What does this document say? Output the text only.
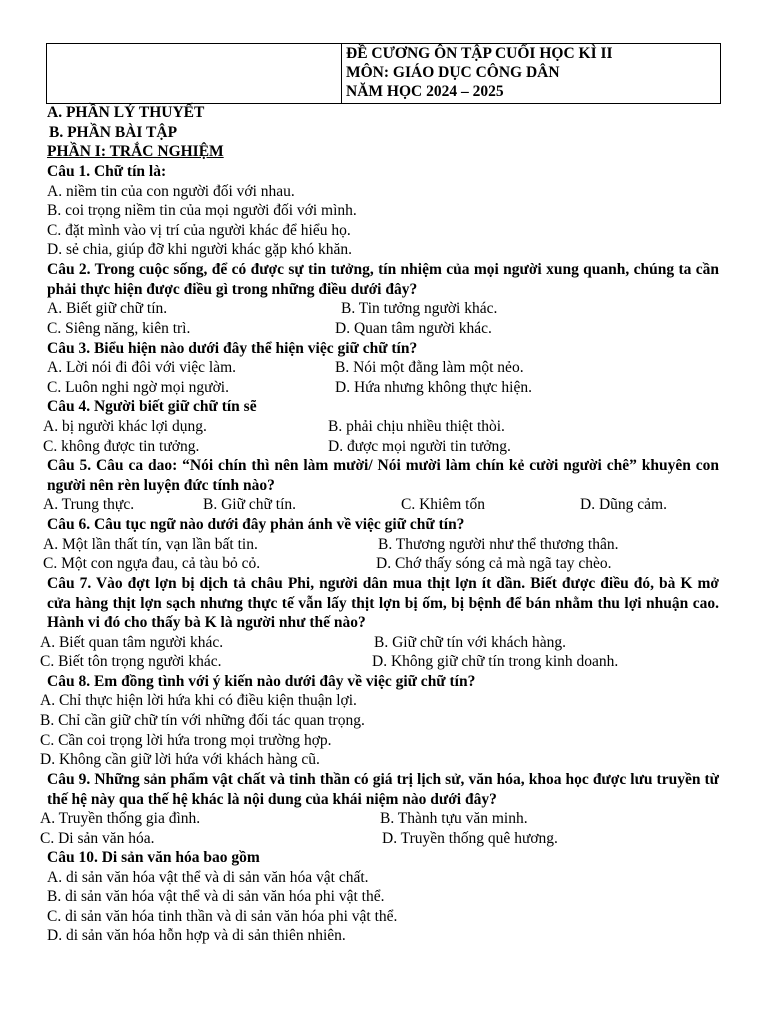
ĐỀ CƯƠNG ÔN TẬP CUỐI HỌC KÌ II
MÔN: GIÁO DỤC CÔNG DÂN
NĂM HỌC 2024 – 2025
A. PHẦN LÝ THUYẾT
B. PHẦN BÀI TẬP
PHẦN I: TRẮC NGHIỆM
Câu 1. Chữ tín là:
A. niềm tin của con người đối với nhau.
B. coi trọng niềm tin của mọi người đối với mình.
C. đặt mình vào vị trí của người khác để hiểu họ.
D. sẻ chia, giúp đỡ khi người khác gặp khó khăn.
Câu 2. Trong cuộc sống, để có được sự tin tưởng, tín nhiệm của mọi người xung quanh, chúng ta cần phải thực hiện được điều gì trong những điều dưới đây?
A. Biết giữ chữ tín.	B. Tin tưởng người khác.
C. Siêng năng, kiên trì.	D. Quan tâm người khác.
Câu 3. Biểu hiện nào dưới đây thể hiện việc giữ chữ tín?
A. Lời nói đi đôi với việc làm.	B. Nói một đằng làm một nẻo.
C. Luôn nghi ngờ mọi người.	D. Hứa nhưng không thực hiện.
Câu 4. Người biết giữ chữ tín sẽ
A. bị người khác lợi dụng.	B. phải chịu nhiều thiệt thòi.
C. không được tin tưởng.	D. được mọi người tin tưởng.
Câu 5. Câu ca dao: “Nói chín thì nên làm mười/ Nói mười làm chín kẻ cười người chê” khuyên con người nên rèn luyện đức tính nào?
A. Trung thực.	B. Giữ chữ tín.	C. Khiêm tốn	D. Dũng cảm.
Câu 6. Câu tục ngữ nào dưới đây phản ánh về việc giữ chữ tín?
A. Một lần thất tín, vạn lần bất tin.	B. Thương người như thể thương thân.
C. Một con ngựa đau, cả tàu bỏ cỏ.	D. Chớ thấy sóng cả mà ngã tay chèo.
Câu 7. Vào đợt lợn bị dịch tả châu Phi, người dân mua thịt lợn ít dần. Biết được điều đó, bà K mở cửa hàng thịt lợn sạch nhưng thực tế vẫn lấy thịt lợn bị ốm, bị bệnh để bán nhằm thu lợi nhuận cao. Hành vi đó cho thấy bà K là người như thế nào?
A. Biết quan tâm người khác.	B. Giữ chữ tín với khách hàng.
C. Biết tôn trọng người khác.	D. Không giữ chữ tín trong kinh doanh.
Câu 8. Em đồng tình với ý kiến nào dưới đây về việc giữ chữ tín?
A. Chỉ thực hiện lời hứa khi có điều kiện thuận lợi.
B. Chỉ cần giữ chữ tín với những đối tác quan trọng.
C. Cần coi trọng lời hứa trong mọi trường hợp.
D. Không cần giữ lời hứa với khách hàng cũ.
Câu 9. Những sản phẩm vật chất và tinh thần có giá trị lịch sử, văn hóa, khoa học được lưu truyền từ thế hệ này qua thế hệ khác là nội dung của khái niệm nào dưới đây?
A. Truyền thống gia đình.	B. Thành tựu văn minh.
C. Di sản văn hóa.	D. Truyền thống quê hương.
Câu 10. Di sản văn hóa bao gồm
A. di sản văn hóa vật thể và di sản văn hóa vật chất.
B. di sản văn hóa vật thể và di sản văn hóa phi vật thể.
C. di sản văn hóa tinh thần và di sản văn hóa phi vật thể.
D. di sản văn hóa hỗn hợp và di sản thiên nhiên.
